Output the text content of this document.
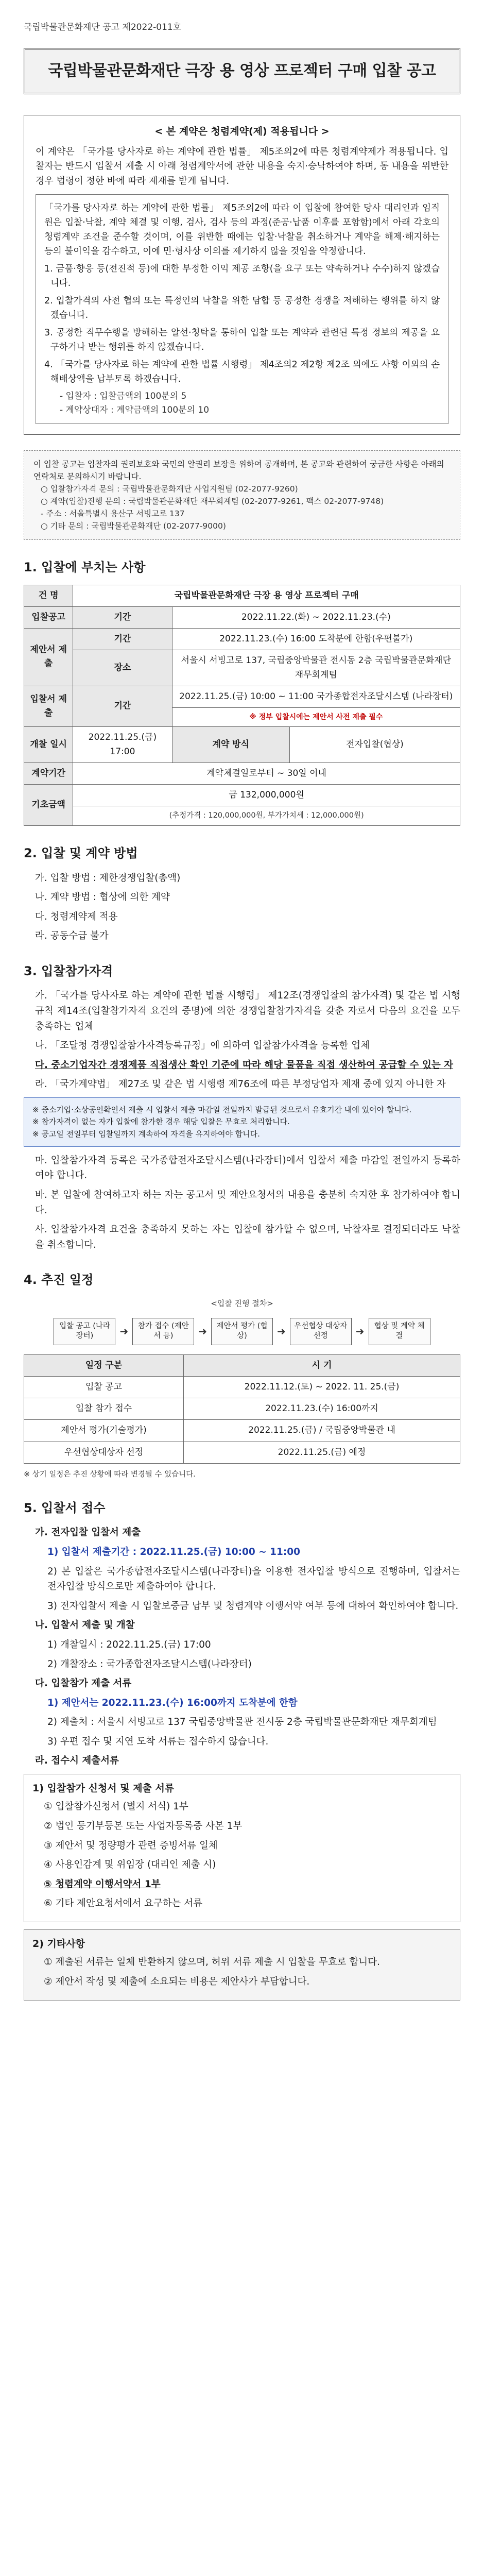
국립박물관문화재단 공고 제2022-011호
국립박물관문화재단 극장 용 영상 프로젝터 구매 입찰 공고
< 본 계약은 청렴계약(제) 적용됩니다 >
이 계약은 「국가를 당사자로 하는 계약에 관한 법률」 제5조의2에 따른 청렴계약제가 적용됩니다. 입찰자는 반드시 입찰서 제출 시 아래 청렴계약서에 관한 내용을 숙지·승낙하여야 하며, 동 내용을 위반한 경우 법령이 정한 바에 따라 제재를 받게 됩니다.

「국가를 당사자로 하는 계약에 관한 법률」 제5조의2에 따라 이 입찰에 참여한 당사 대리인과 임직원은 입찰·낙찰, 계약 체결 및 이행, 검사, 검사 등의 과정(준공·납품 이후를 포함함)에서 아래 각호의 청렴계약 조건을 준수할 것이며, 이를 위반한 때에는 입찰·낙찰을 취소하거나 계약을 해제·해지하는 등의 불이익을 감수하고, 이에 민·형사상 이의를 제기하지 않을 것임을 약정합니다.

1. 금품·향응 등(전진적 등)에 대한 부정한 이익 제공 조항(을 요구 또는 약속하거나 수수)하지 않겠습니다.
2. 입찰가격의 사전 협의 또는 특정인의 낙찰을 위한 담합 등 공정한 경쟁을 저해하는 행위를 하지 않겠습니다.
3. 공정한 직무수행을 방해하는 알선·청탁을 통하여 입찰 또는 계약과 관련된 특정 정보의 제공을 요구하거나 받는 행위를 하지 않겠습니다.
4. 「국가를 당사자로 하는 계약에 관한 법률 시행령」 제4조의2 제2항 제2조 외에도 사항 이외의 손해배상액을 납부토록 하겠습니다.
- 입찰자 : 입찰금액의 100분의 5
- 계약상대자 : 계약금액의 100분의 10
이 입찰 공고는 입찰자의 권리보호와 국민의 알권리 보장을 위하여 공개하며, 본 공고와 관련하여 궁금한 사항은 아래의 연락처로 문의하시기 바랍니다.
○ 입찰참가자격 문의 : 국립박물관문화재단 사업지원팀 (02-2077-9260)
○ 계약(입찰)진행 문의 : 국립박물관문화재단 재무회계팀 (02-2077-9261, 팩스 02-2077-9748)
- 주소 : 서울특별시 용산구 서빙고로 137
○ 기타 문의 : 국립박물관문화재단 (02-2077-9000)
1. 입찰에 부치는 사항
건 명	국립박물관문화재단 극장 용 영상 프로젝터 구매		
입찰공고	기간	2022.11.22.(화) ~ 2022.11.23.(수)	
제안서 제출	기간	2022.11.23.(수) 16:00 도착분에 한함(우편불가)	
	장소	서울시 서빙고로 137, 국립중앙박물관 전시동 2층 국립박물관문화재단 재무회계팀	
입찰서 제출	기간	2022.11.25.(금) 10:00 ~ 11:00 국가종합전자조달시스템 (나라장터)	
		※ 정부 입찰시에는 제안서 사전 제출 필수	
개찰 일시	2022.11.25.(금) 17:00	계약 방식	전자입찰(협상)
계약기간	계약체결일로부터 ~ 30일 이내		
기초금액	금 132,000,000원		
	(추정가격 : 120,000,000원, 부가가치세 : 12,000,000원)		
2. 입찰 및 계약 방법
가. 입찰 방법 : 제한경쟁입찰(총액)
나. 계약 방법 : 협상에 의한 계약
다. 청렴계약제 적용
라. 공동수급 불가
3. 입찰참가자격
가. 「국가를 당사자로 하는 계약에 관한 법률 시행령」 제12조(경쟁입찰의 참가자격) 및 같은 법 시행규칙 제14조(입찰참가자격 요건의 증명)에 의한 경쟁입찰참가자격을 갖춘 자로서 다음의 요건을 모두 충족하는 업체
나. 「조달청 경쟁입찰참가자격등록규정」에 의하여 입찰참가자격을 등록한 업체
다. 중소기업자간 경쟁제품 직접생산 확인 기준에 따라 해당 물품을 직접 생산하여 공급할 수 있는 자
라. 「국가계약법」 제27조 및 같은 법 시행령 제76조에 따른 부정당업자 제재 중에 있지 아니한 자
※ 중소기업·소상공인확인서 제출 시 입찰서 제출 마감일 전일까지 발급된 것으로서 유효기간 내에 있어야 합니다.
※ 참가자격이 없는 자가 입찰에 참가한 경우 해당 입찰은 무효로 처리합니다.
※ 공고일 전일부터 입찰일까지 계속하여 자격을 유지하여야 합니다.
마. 입찰참가자격 등록은 국가종합전자조달시스템(나라장터)에서 입찰서 제출 마감일 전일까지 등록하여야 합니다.
바. 본 입찰에 참여하고자 하는 자는 공고서 및 제안요청서의 내용을 충분히 숙지한 후 참가하여야 합니다.
사. 입찰참가자격 요건을 충족하지 못하는 자는 입찰에 참가할 수 없으며, 낙찰자로 결정되더라도 낙찰을 취소합니다.
4. 추진 일정
<입찰 진행 절차>
입찰 공고 (나라장터)	➜	참가 접수 (제안서 등)	➜	제안서 평가 (협상)	➜	우선협상 대상자 선정	➜	협상 및 계약 체결
일정 구분	시 기
입찰 공고	2022.11.12.(토) ~ 2022. 11. 25.(금)
입찰 참가 접수	2022.11.23.(수) 16:00까지
제안서 평가(기술평가)	2022.11.25.(금) / 국립중앙박물관 내
우선협상대상자 선정	2022.11.25.(금) 예정
※ 상기 일정은 추진 상황에 따라 변경될 수 있습니다.
5. 입찰서 접수
가. 전자입찰 입찰서 제출
1) 입찰서 제출기간 : 2022.11.25.(금) 10:00 ~ 11:00
2) 본 입찰은 국가종합전자조달시스템(나라장터)을 이용한 전자입찰 방식으로 진행하며, 입찰서는 전자입찰 방식으로만 제출하여야 합니다.
3) 전자입찰서 제출 시 입찰보증금 납부 및 청렴계약 이행서약 여부 등에 대하여 확인하여야 합니다.
나. 입찰서 제출 및 개찰
1) 개찰일시 : 2022.11.25.(금) 17:00
2) 개찰장소 : 국가종합전자조달시스템(나라장터)
다. 입찰참가 제출 서류
1) 제안서는 2022.11.23.(수) 16:00까지 도착분에 한함
2) 제출처 : 서울시 서빙고로 137 국립중앙박물관 전시동 2층 국립박물관문화재단 재무회계팀
3) 우편 접수 및 지연 도착 서류는 접수하지 않습니다.
라. 접수시 제출서류
1) 입찰참가 신청서 및 제출 서류
① 입찰참가신청서 (별지 서식) 1부
② 법인 등기부등본 또는 사업자등록증 사본 1부
③ 제안서 및 정량평가 관련 증빙서류 일체
④ 사용인감계 및 위임장 (대리인 제출 시)
⑤ 청렴계약 이행서약서 1부
⑥ 기타 제안요청서에서 요구하는 서류
2) 기타사항
① 제출된 서류는 일체 반환하지 않으며, 허위 서류 제출 시 입찰을 무효로 합니다.
② 제안서 작성 및 제출에 소요되는 비용은 제안사가 부담합니다.
